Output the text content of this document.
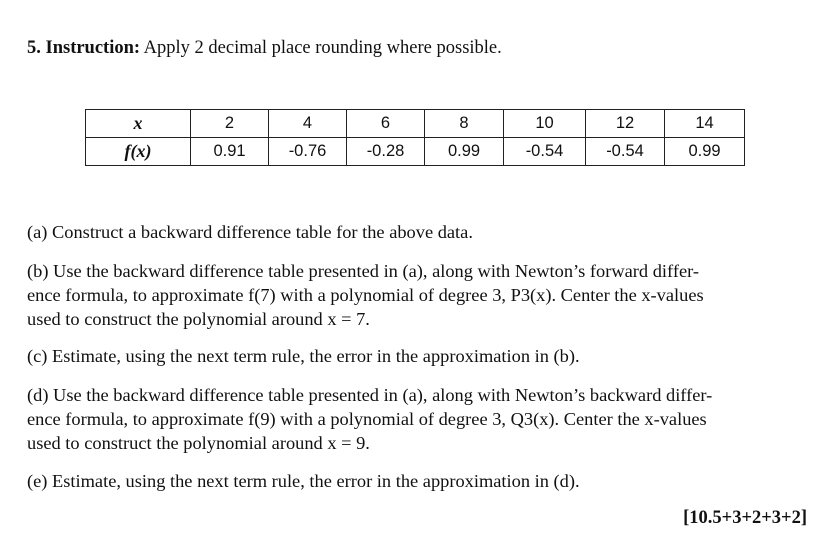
5. Instruction: Apply 2 decimal place rounding where possible.
x	2	4	6	8	10	12	14
f(x)	0.91	-0.76	-0.28	0.99	-0.54	-0.54	0.99
(a) Construct a backward difference table for the above data.
(b) Use the backward difference table presented in (a), along with Newton’s forward differ-
ence formula, to approximate f(7) with a polynomial of degree 3, P3(x). Center the x-values
used to construct the polynomial around x = 7.
(c) Estimate, using the next term rule, the error in the approximation in (b).
(d) Use the backward difference table presented in (a), along with Newton’s backward differ-
ence formula, to approximate f(9) with a polynomial of degree 3, Q3(x). Center the x-values
used to construct the polynomial around x = 9.
(e) Estimate, using the next term rule, the error in the approximation in (d).
[10.5+3+2+3+2]
